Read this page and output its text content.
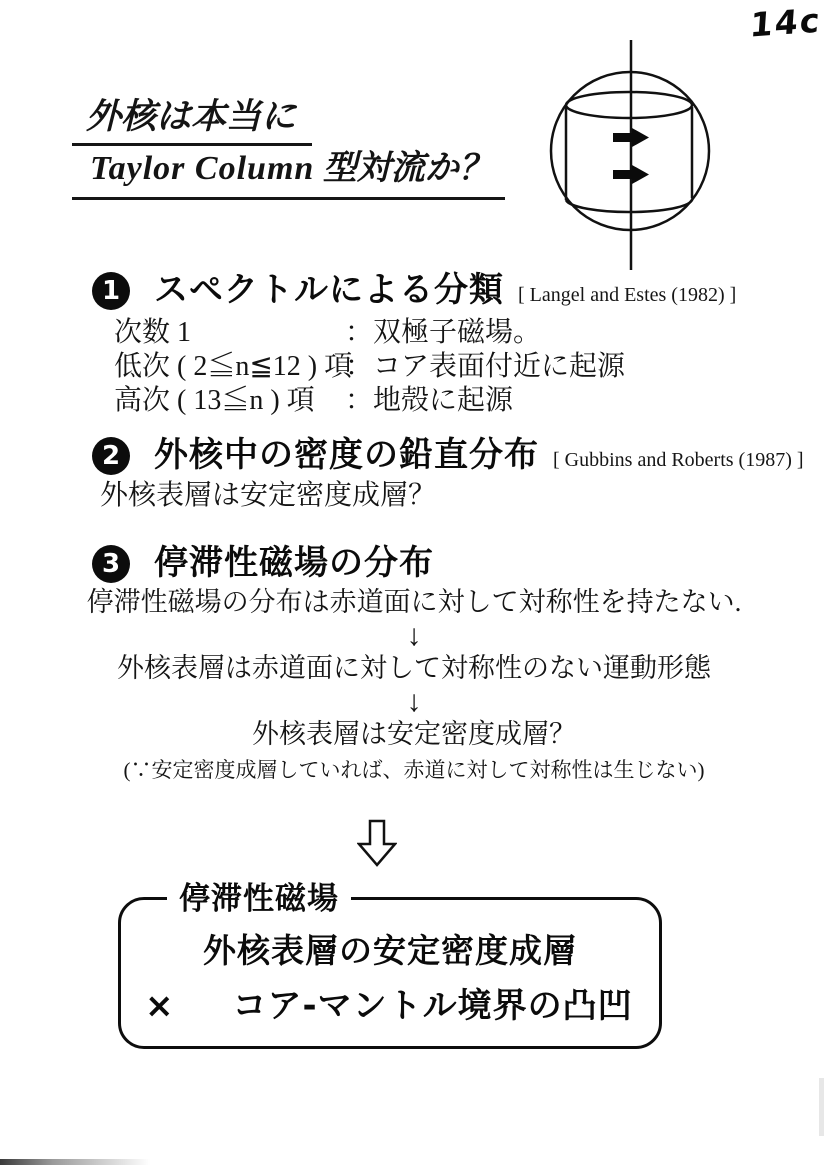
14c
外核は本当に
Taylor Column 型対流か？
1 スペクトルによる分類 [ Langel and Estes (1982) ]
次数 1	：双極子磁場。
低次 ( 2≦n≦12 ) 項
：コア表面付近に起源
高次 ( 13≦n ) 項	：地殻に起源
2 外核中の密度の鉛直分布 [ Gubbins and Roberts (1987) ]
外核表層は安定密度成層？
3 停滞性磁場の分布
停滞性磁場の分布は赤道面に対して対称性を持たない.
↓
外核表層は赤道面に対して対称性のない運動形態
↓
外核表層は安定密度成層？
(∵安定密度成層していれば、赤道に対して対称性は生じない)
停滞性磁場
外核表層の安定密度成層
× コア-マントル境界の凸凹
